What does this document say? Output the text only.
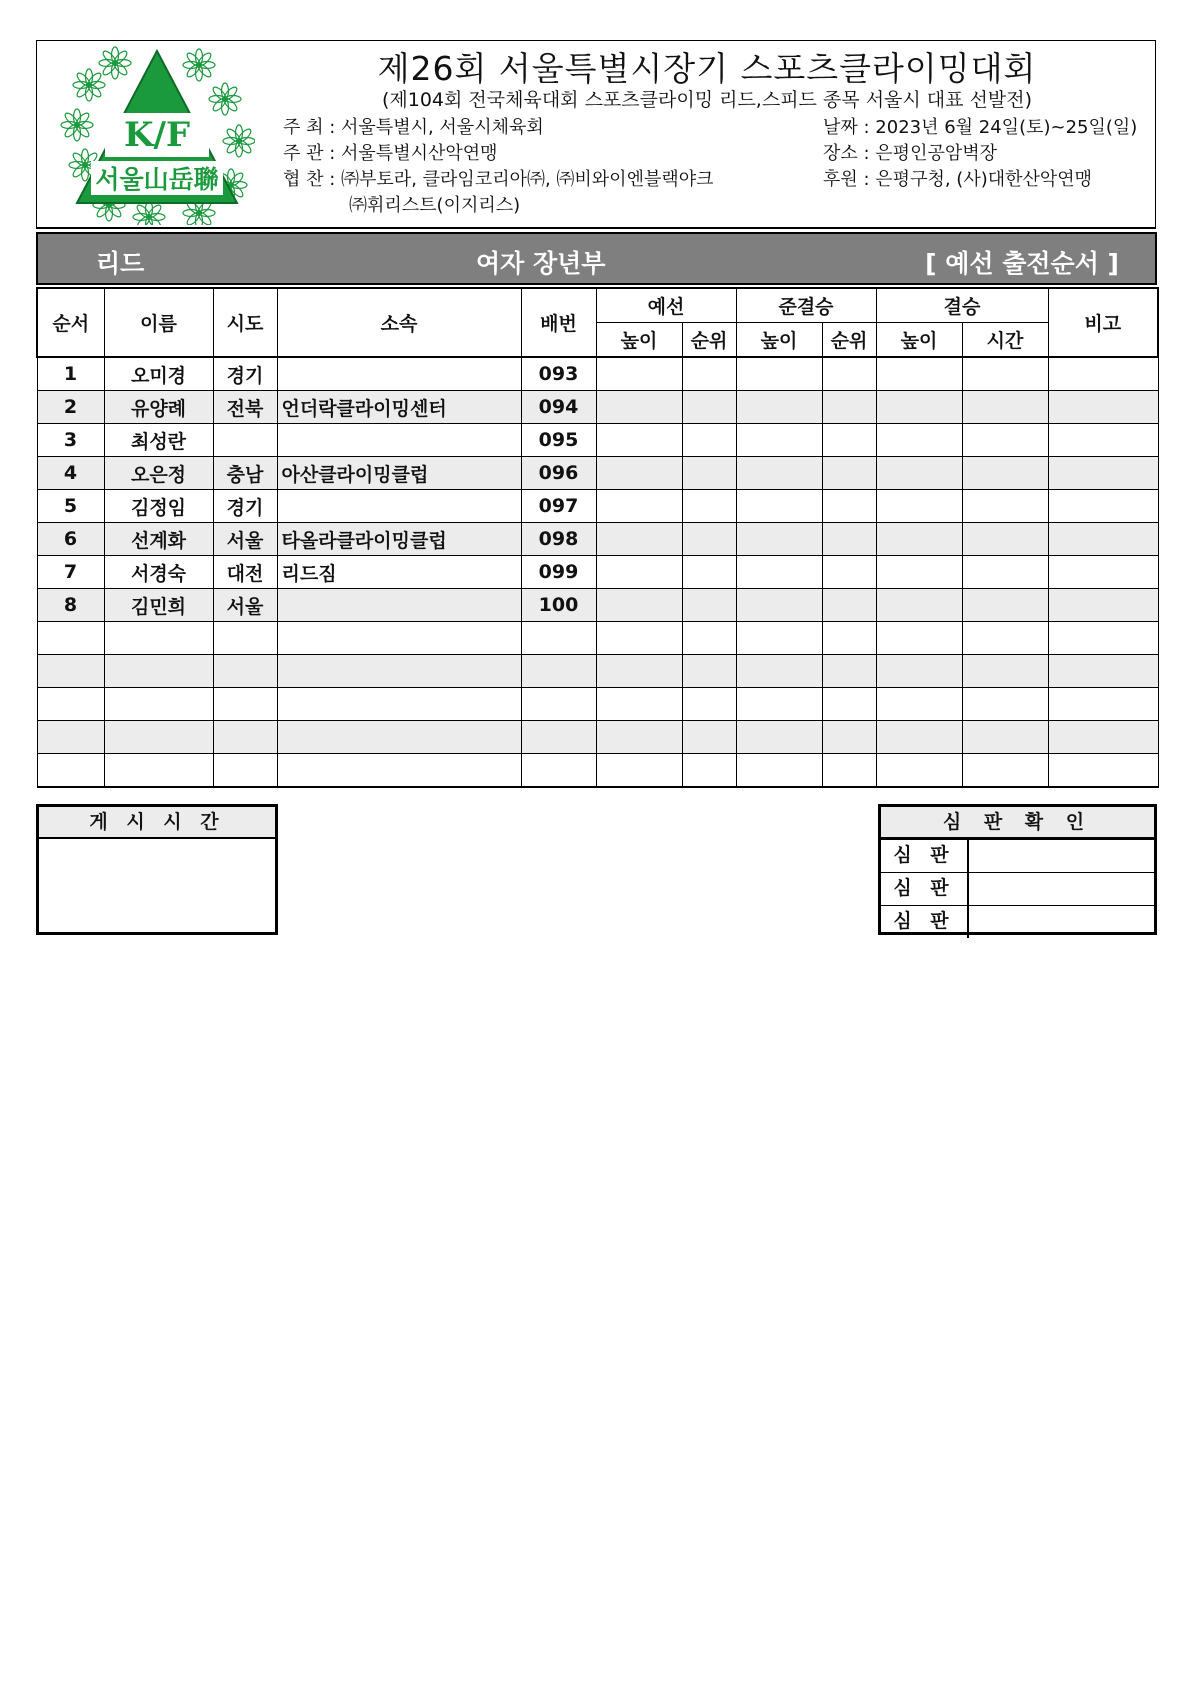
K/F
서울山岳聯
제26회 서울특별시장기 스포츠클라이밍대회
(제104회 전국체육대회 스포츠클라이밍 리드,스피드 종목 서울시 대표 선발전)
주 최 : 서울특별시, 서울시체육회
주 관 : 서울특별시산악연맹
협 찬 : ㈜부토라, 클라임코리아㈜, ㈜비와이엔블랙야크
㈜휘리스트(이지리스)
날짜 : 2023년 6월 24일(토)~25일(일)
장소 : 은평인공암벽장
후원 : 은평구청, (사)대한산악연맹
리드	여자 장년부	[ 예선 출전순서 ]
순서	이름	시도	소속	배번	예선		준결승		결승		비고
					높이	순위	높이	순위	높이	시간	
1	오미경	경기		093							
2	유양례	전북	언더락클라이밍센터	094							
3	최성란			095							
4	오은정	충남	아산클라이밍클럽	096							
5	김정임	경기		097							
6	선계화	서울	타올라클라이밍클럽	098							
7	서경숙	대전	리드짐	099							
8	김민희	서울		100							

게 시 시 간	심 판 확 인
심 판
심 판
심 판
